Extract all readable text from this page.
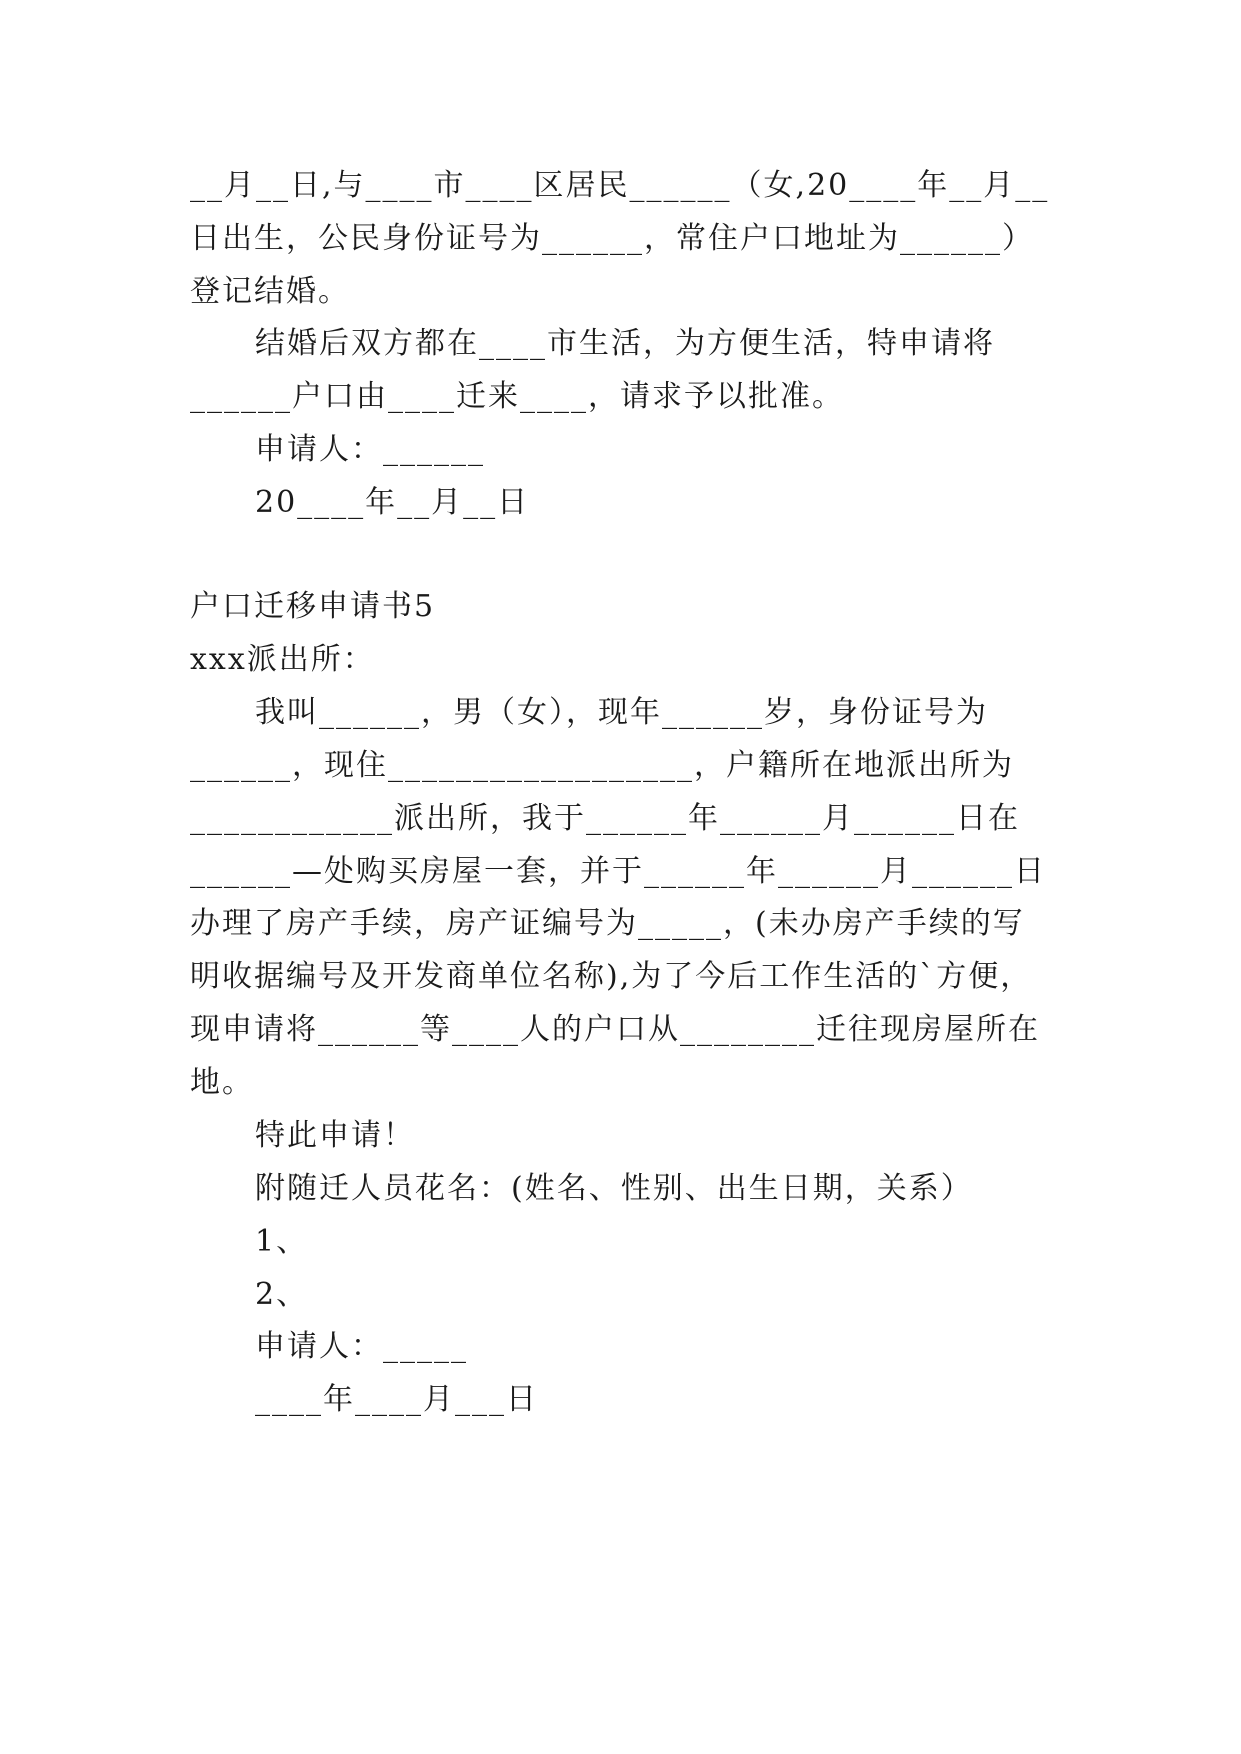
__月__日,与____市____区居民______（女,20____年__月__
日出生，公民身份证号为______，常住户口地址为______）
登记结婚。
结婚后双方都在____市生活，为方便生活，特申请将
______户口由____迁来____，请求予以批准。
申请人：______
20____年__月__日
户口迁移申请书5
xxx派出所：
我叫______，男（女），现年______岁，身份证号为
______，现住__________________，户籍所在地派出所为
____________派出所，我于______年______月______日在
______—处购买房屋一套，并于______年______月______日
办理了房产手续，房产证编号为_____，(未办房产手续的写
明收据编号及开发商单位名称),为了今后工作生活的`方便，
现申请将______等____人的户口从________迁往现房屋所在
地。
特此申请！
附随迁人员花名：(姓名、性别、出生日期，关系）
1、
2、
申请人：_____
____年____月___日
